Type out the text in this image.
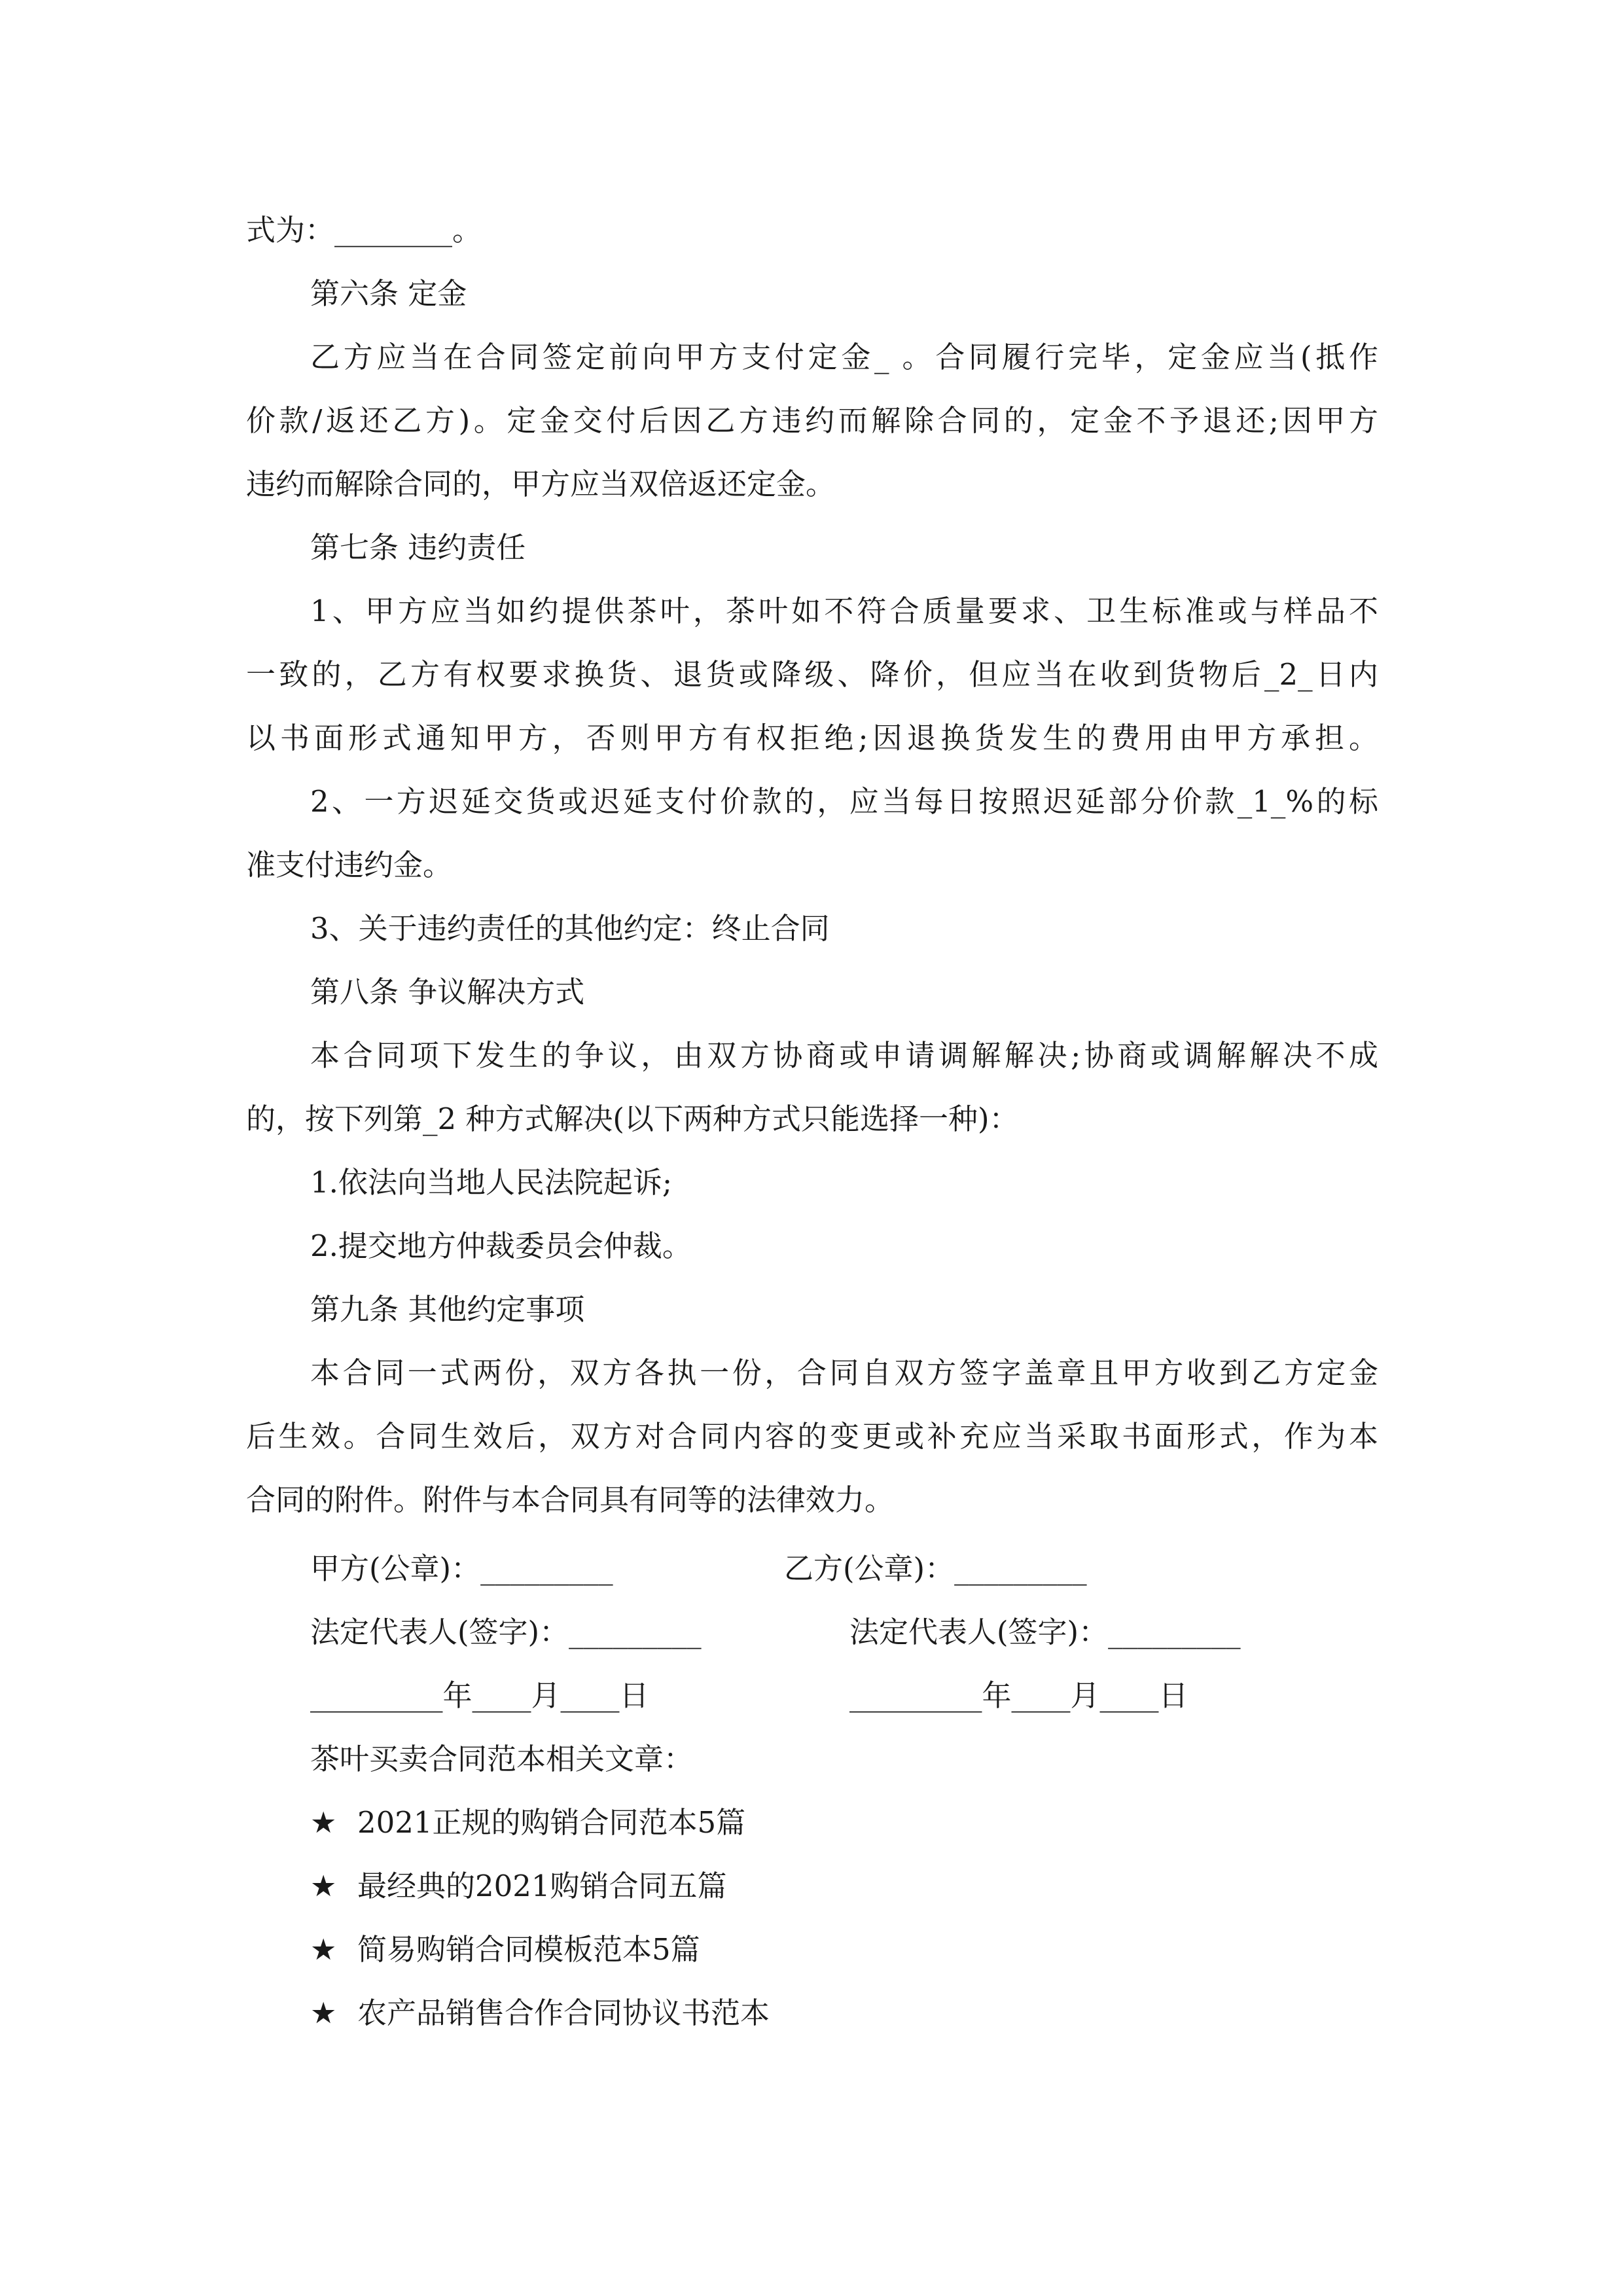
式为：________。
第六条 定金
乙方应当在合同签定前向甲方支付定金_ 。合同履行完毕，定金应当(抵作
价款/返还乙方)。定金交付后因乙方违约而解除合同的，定金不予退还;因甲方
违约而解除合同的，甲方应当双倍返还定金。
第七条 违约责任
1、甲方应当如约提供茶叶，茶叶如不符合质量要求、卫生标准或与样品不
一致的，乙方有权要求换货、退货或降级、降价，但应当在收到货物后_2_日内
以书面形式通知甲方，否则甲方有权拒绝;因退换货发生的费用由甲方承担。
2、一方迟延交货或迟延支付价款的，应当每日按照迟延部分价款_1_%的标
准支付违约金。
3、关于违约责任的其他约定：终止合同
第八条 争议解决方式
本合同项下发生的争议，由双方协商或申请调解解决;协商或调解解决不成
的，按下列第_2 种方式解决(以下两种方式只能选择一种)：
1.依法向当地人民法院起诉;
2.提交地方仲裁委员会仲裁。
第九条 其他约定事项
本合同一式两份，双方各执一份，合同自双方签字盖章且甲方收到乙方定金
后生效。合同生效后，双方对合同内容的变更或补充应当采取书面形式，作为本
合同的附件。附件与本合同具有同等的法律效力。
甲方(公章)：_________	乙方(公章)：_________
法定代表人(签字)：_________	法定代表人(签字)：_________
_________年____月____日	_________年____月____日
茶叶买卖合同范本相关文章：
★ 2021正规的购销合同范本5篇
★ 最经典的2021购销合同五篇
★ 简易购销合同模板范本5篇
★ 农产品销售合作合同协议书范本
